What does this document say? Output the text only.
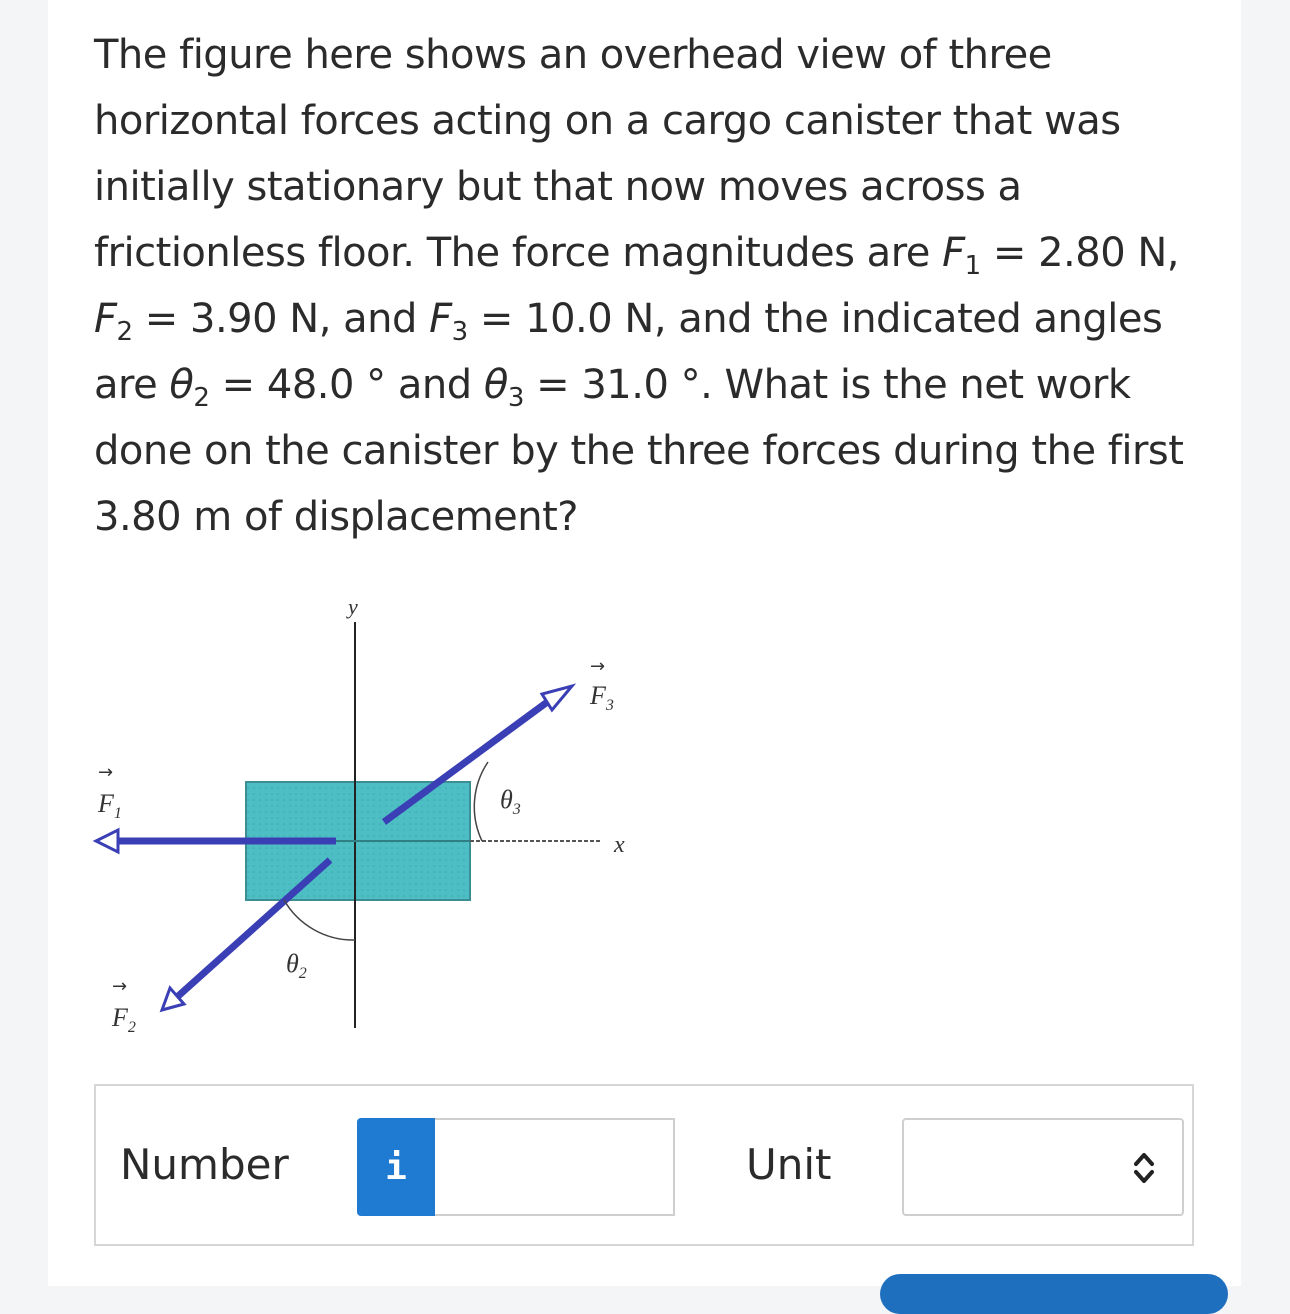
The figure here shows an overhead view of three horizontal forces acting on a cargo canister that was initially stationary but that now moves across a frictionless floor. The force magnitudes are $F_1 = 2.80$ N, $F_2 = 3.90$ N, and $F_3 = 10.0$ N, and the indicated angles are $\theta_2 = 48.0$ ° and $\theta_3 = 31.0$ °. What is the net work done on the canister by the three forces during the first 3.80 m of displacement?

y
x
→
$F_1$
→
$F_2$
$\theta_2$
→
$F_3$
$\theta_3$
Number	i	Unit
